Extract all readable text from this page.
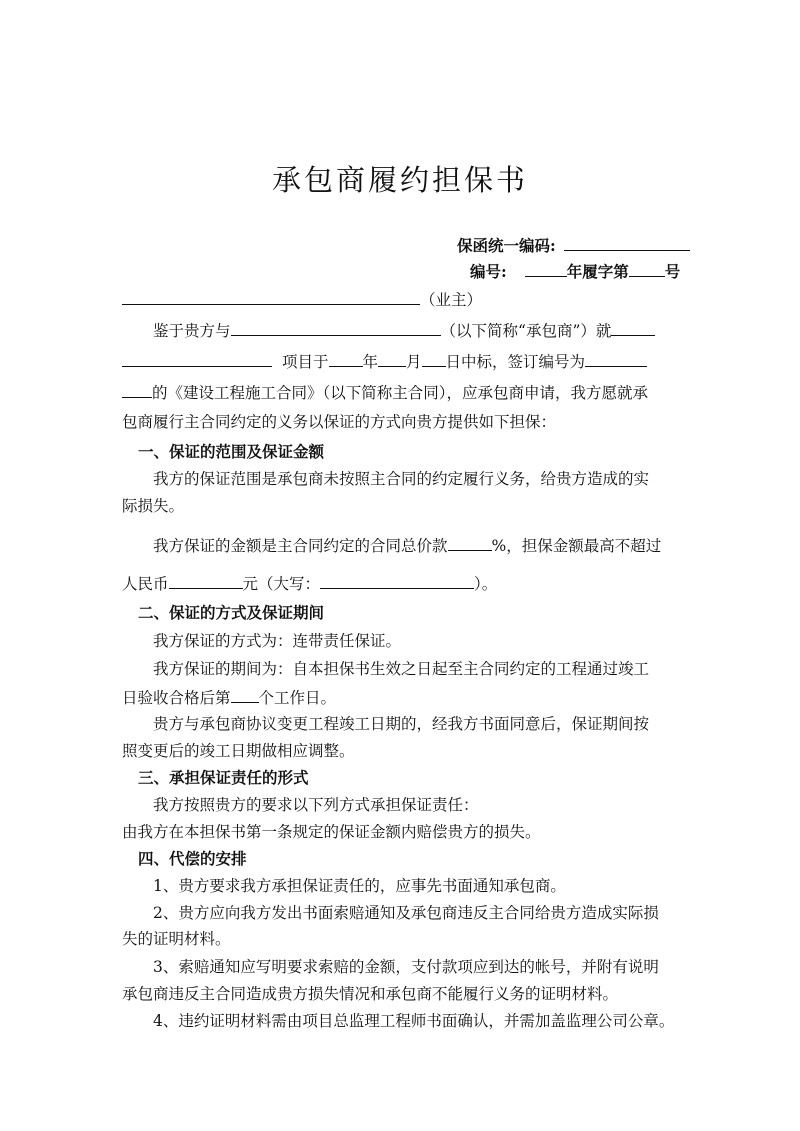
承包商履约担保书
保函统一编码:
编号:	年履字第 号
（业主）
鉴于贵方与	（以下简称“承包商”）就
项目于 年 月 日中标，签订编号为
的《建设工程施工合同》（以下简称主合同），应承包商申请，我方愿就承
包商履行主合同约定的义务以保证的方式向贵方提供如下担保：
一、保证的范围及保证金额
我方的保证范围是承包商未按照主合同的约定履行义务，给贵方造成的实
际损失。
我方保证的金额是主合同约定的合同总价款	%，担保金额最高不超过
人民币	元（大写：	）。
二、保证的方式及保证期间
我方保证的方式为：连带责任保证。
我方保证的期间为：自本担保书生效之日起至主合同约定的工程通过竣工
日验收合格后第 个工作日。
贵方与承包商协议变更工程竣工日期的，经我方书面同意后，保证期间按
照变更后的竣工日期做相应调整。
三、承担保证责任的形式
我方按照贵方的要求以下列方式承担保证责任：
由我方在本担保书第一条规定的保证金额内赔偿贵方的损失。
四、代偿的安排
1、贵方要求我方承担保证责任的，应事先书面通知承包商。
2、贵方应向我方发出书面索赔通知及承包商违反主合同给贵方造成实际损
失的证明材料。
3、索赔通知应写明要求索赔的金额，支付款项应到达的帐号，并附有说明
承包商违反主合同造成贵方损失情况和承包商不能履行义务的证明材料。
4、违约证明材料需由项目总监理工程师书面确认，并需加盖监理公司公章。
